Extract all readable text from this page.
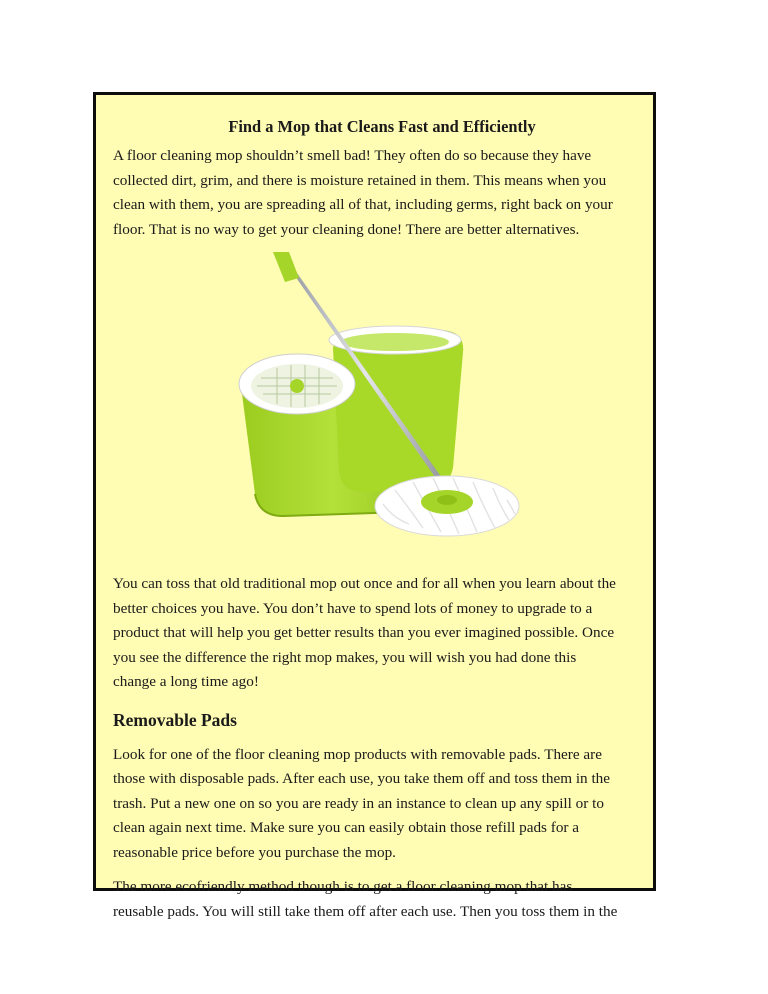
Find a Mop that Cleans Fast and Efficiently

A floor cleaning mop shouldn’t smell bad! They often do so because they have

collected dirt, grim, and there is moisture retained in them. This means when you

clean with them, you are spreading all of that, including germs, right back on your

floor. That is no way to get your cleaning done! There are better alternatives.

You can toss that old traditional mop out once and for all when you learn about the

better choices you have. You don’t have to spend lots of money to upgrade to a

product that will help you get better results than you ever imagined possible. Once

you see the difference the right mop makes, you will wish you had done this

change a long time ago!

Removable Pads

Look for one of the floor cleaning mop products with removable pads. There are

those with disposable pads. After each use, you take them off and toss them in the

trash. Put a new one on so you are ready in an instance to clean up any spill or to

clean again next time. Make sure you can easily obtain those refill pads for a

reasonable price before you purchase the mop.

The more ecofriendly method though is to get a floor cleaning mop that has

reusable pads. You will still take them off after each use. Then you toss them in the
